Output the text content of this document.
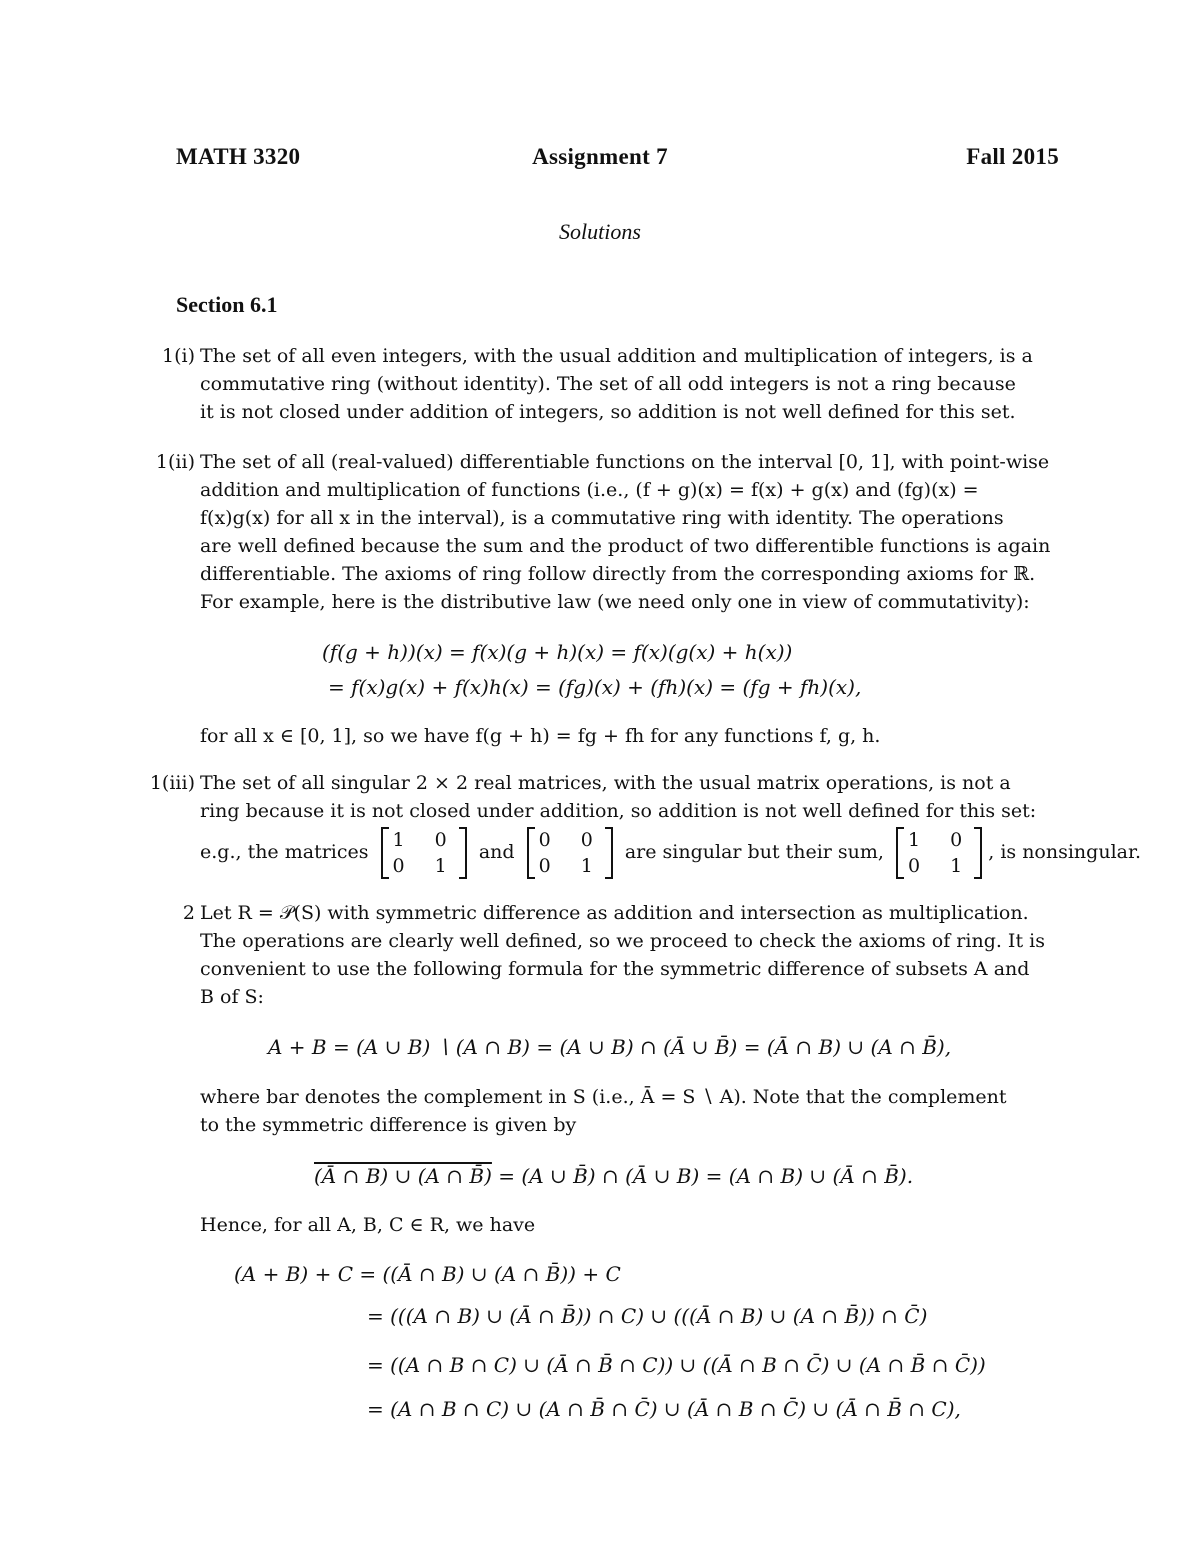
MATH 3320	Assignment 7	Fall 2015
Solutions
Section 6.1
1(i) The set of all even integers, with the usual addition and multiplication of integers, is a
commutative ring (without identity). The set of all odd integers is not a ring because
it is not closed under addition of integers, so addition is not well defined for this set.
1(ii) The set of all (real-valued) differentiable functions on the interval [0, 1], with point-wise
addition and multiplication of functions (i.e., (f + g)(x) = f(x) + g(x) and (fg)(x) =
f(x)g(x) for all x in the interval), is a commutative ring with identity. The operations
are well defined because the sum and the product of two differentible functions is again
differentiable. The axioms of ring follow directly from the corresponding axioms for ℝ.
For example, here is the distributive law (we need only one in view of commutativity):
(f(g + h))(x) = f(x)(g + h)(x) = f(x)(g(x) + h(x))
= f(x)g(x) + f(x)h(x) = (fg)(x) + (fh)(x) = (fg + fh)(x),
for all x ∈ [0, 1], so we have f(g + h) = fg + fh for any functions f, g, h.
1(iii) The set of all singular 2 × 2 real matrices, with the usual matrix operations, is not a
ring because it is not closed under addition, so addition is not well defined for this set:
e.g., the matrices
1 0
0 1
and
0 0
0 1
are singular but their sum,
1 0
0 1
, is nonsingular.
2 Let R = 𝒫(S) with symmetric difference as addition and intersection as multiplication.
The operations are clearly well defined, so we proceed to check the axioms of ring. It is
convenient to use the following formula for the symmetric difference of subsets A and
B of S:
A + B = (A ∪ B) ∖ (A ∩ B) = (A ∪ B) ∩ (Ā ∪ B̄) = (Ā ∩ B) ∪ (A ∩ B̄),
where bar denotes the complement in S (i.e., Ā = S ∖ A). Note that the complement
to the symmetric difference is given by
(Ā ∩ B) ∪ (A ∩ B̄) = (A ∪ B̄) ∩ (Ā ∪ B) = (A ∩ B) ∪ (Ā ∩ B̄).
Hence, for all A, B, C ∈ R, we have
(A + B) + C = ((Ā ∩ B) ∪ (A ∩ B̄)) + C
= (((A ∩ B) ∪ (Ā ∩ B̄)) ∩ C) ∪ (((Ā ∩ B) ∪ (A ∩ B̄)) ∩ C̄)
= ((A ∩ B ∩ C) ∪ (Ā ∩ B̄ ∩ C)) ∪ ((Ā ∩ B ∩ C̄) ∪ (A ∩ B̄ ∩ C̄))
= (A ∩ B ∩ C) ∪ (A ∩ B̄ ∩ C̄) ∪ (Ā ∩ B ∩ C̄) ∪ (Ā ∩ B̄ ∩ C),
